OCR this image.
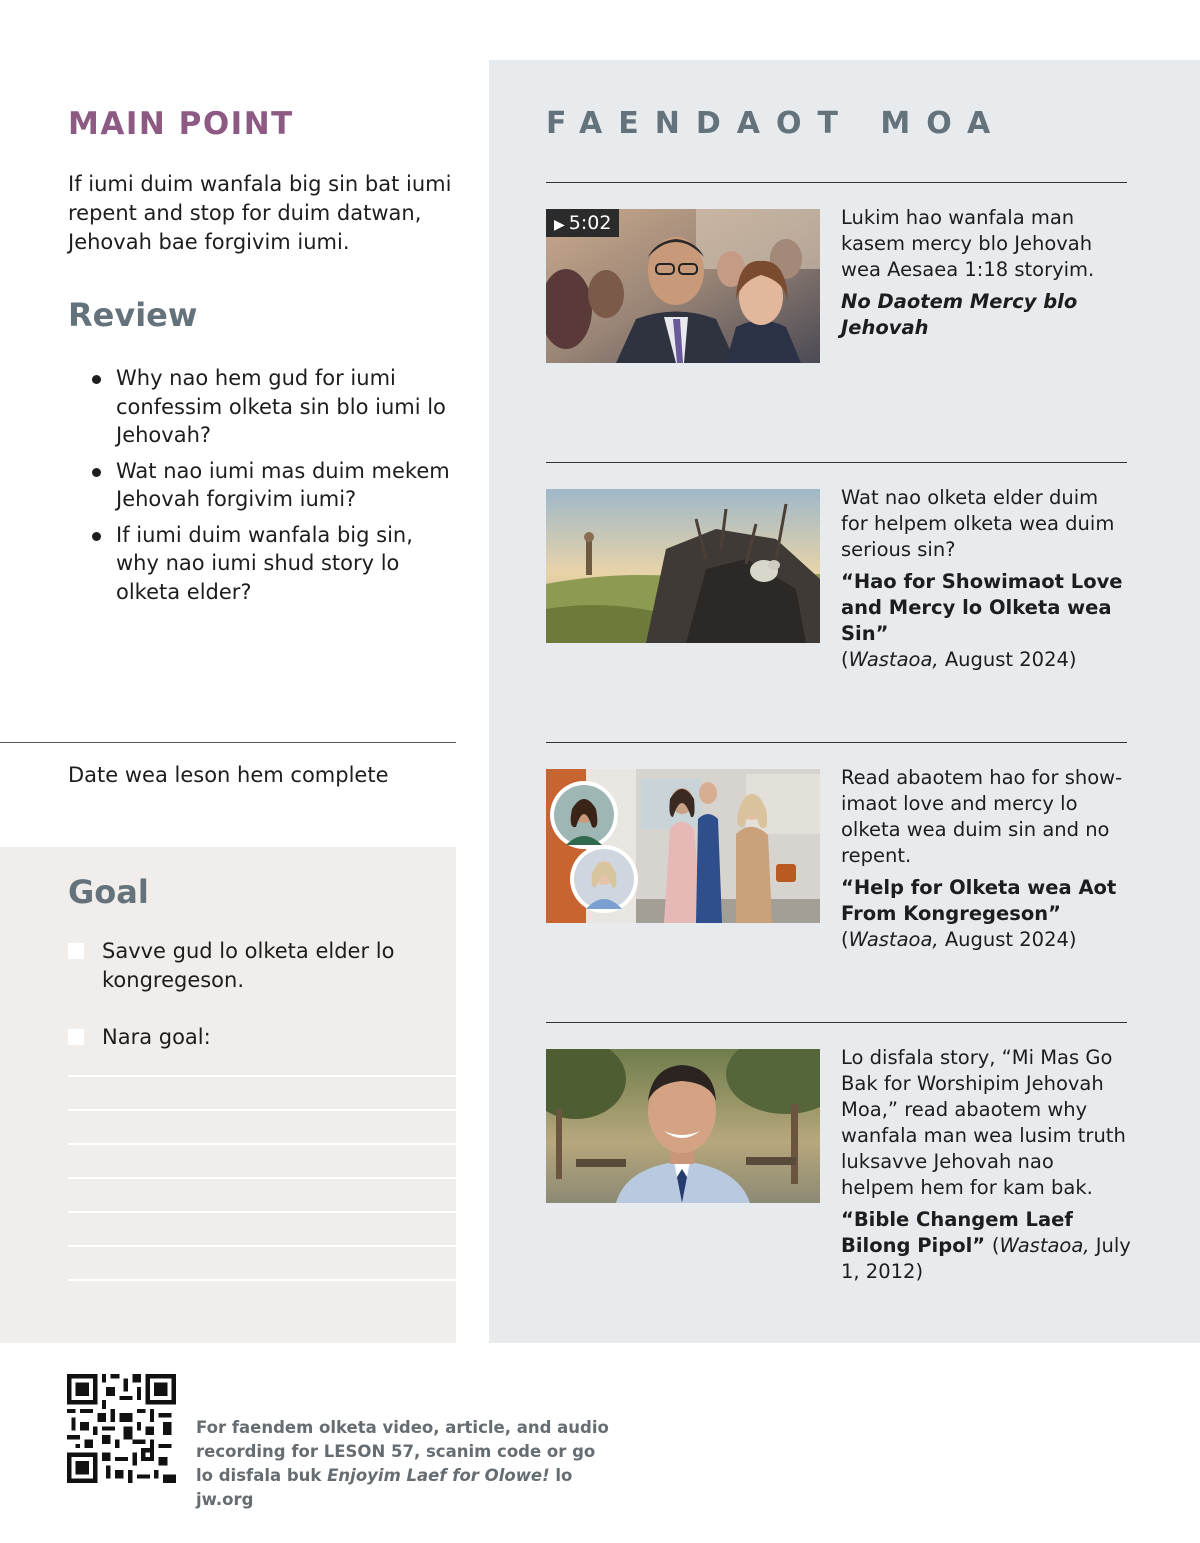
MAIN POINT

If iumi duim wanfala big sin bat iumi repent and stop for duim datwan, Jehovah bae forgivim iumi.

Review
Why nao hem gud for iumi confessim olketa sin blo iumi lo Jehovah?
Wat nao iumi mas duim mekem Jehovah forgivim iumi?
If iumi duim wanfala big sin, why nao iumi shud story lo olketa elder?
Date wea leson hem complete
Goal
Savve gud lo olketa elder lo kongregeson.
Nara goal:
FAENDAOT MOA
▶ 5:02	Lukim hao wanfala man kasem mercy blo Jehovah wea Aesaea 1:18 storyim.
No Daotem Mercy blo Jehovah
Wat nao olketa elder duim for helpem olketa wea duim serious sin?
“Hao for Showimaot Love and Mercy lo Olketa wea Sin”
(Wastaoa, August 2024)
Read abaotem hao for show-imaot love and mercy lo olketa wea duim sin and no repent.
“Help for Olketa wea Aot From Kongregeson”
(Wastaoa, August 2024)
Lo disfala story, “Mi Mas Go Bak for Worshipim Jehovah Moa,” read abaotem why wanfala man wea lusim truth luksavve Jehovah nao helpem hem for kam bak.
“Bible Changem Laef Bilong Pipol” (Wastaoa, July 1, 2012)

For faendem olketa video, article, and audio recording for LESON 57, scanim code or go lo disfala buk Enjoyim Laef for Olowe! lo jw.org
